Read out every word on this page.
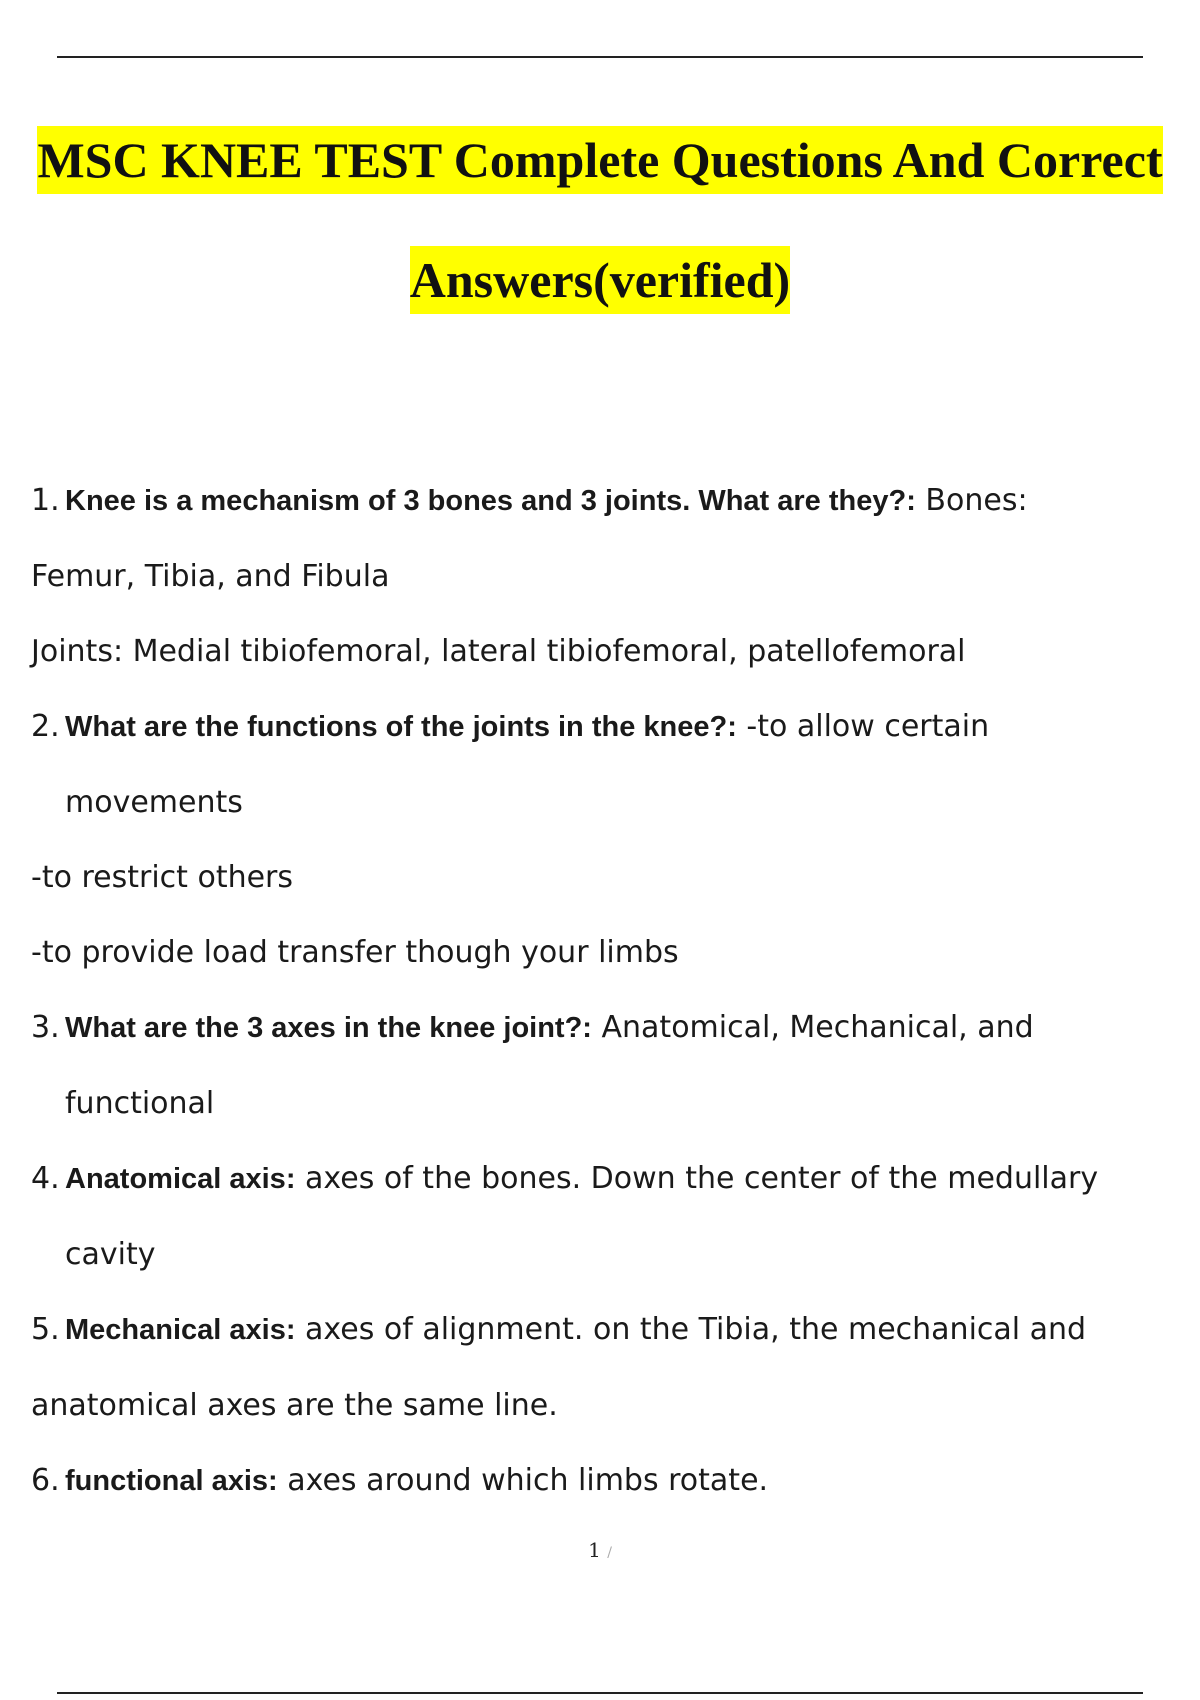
MSC KNEE TEST Complete Questions And Correct
Answers(verified)
1. Knee is a mechanism of 3 bones and 3 joints. What are they?: Bones:
Femur, Tibia, and Fibula
Joints: Medial tibiofemoral, lateral tibiofemoral, patellofemoral
2. What are the functions of the joints in the knee?: -to allow certain
movements
-to restrict others
-to provide load transfer though your limbs
3. What are the 3 axes in the knee joint?: Anatomical, Mechanical, and
functional
4. Anatomical axis: axes of the bones. Down the center of the medullary
cavity
5. Mechanical axis: axes of alignment. on the Tibia, the mechanical and
anatomical axes are the same line.
6. functional axis: axes around which limbs rotate.
1 /
